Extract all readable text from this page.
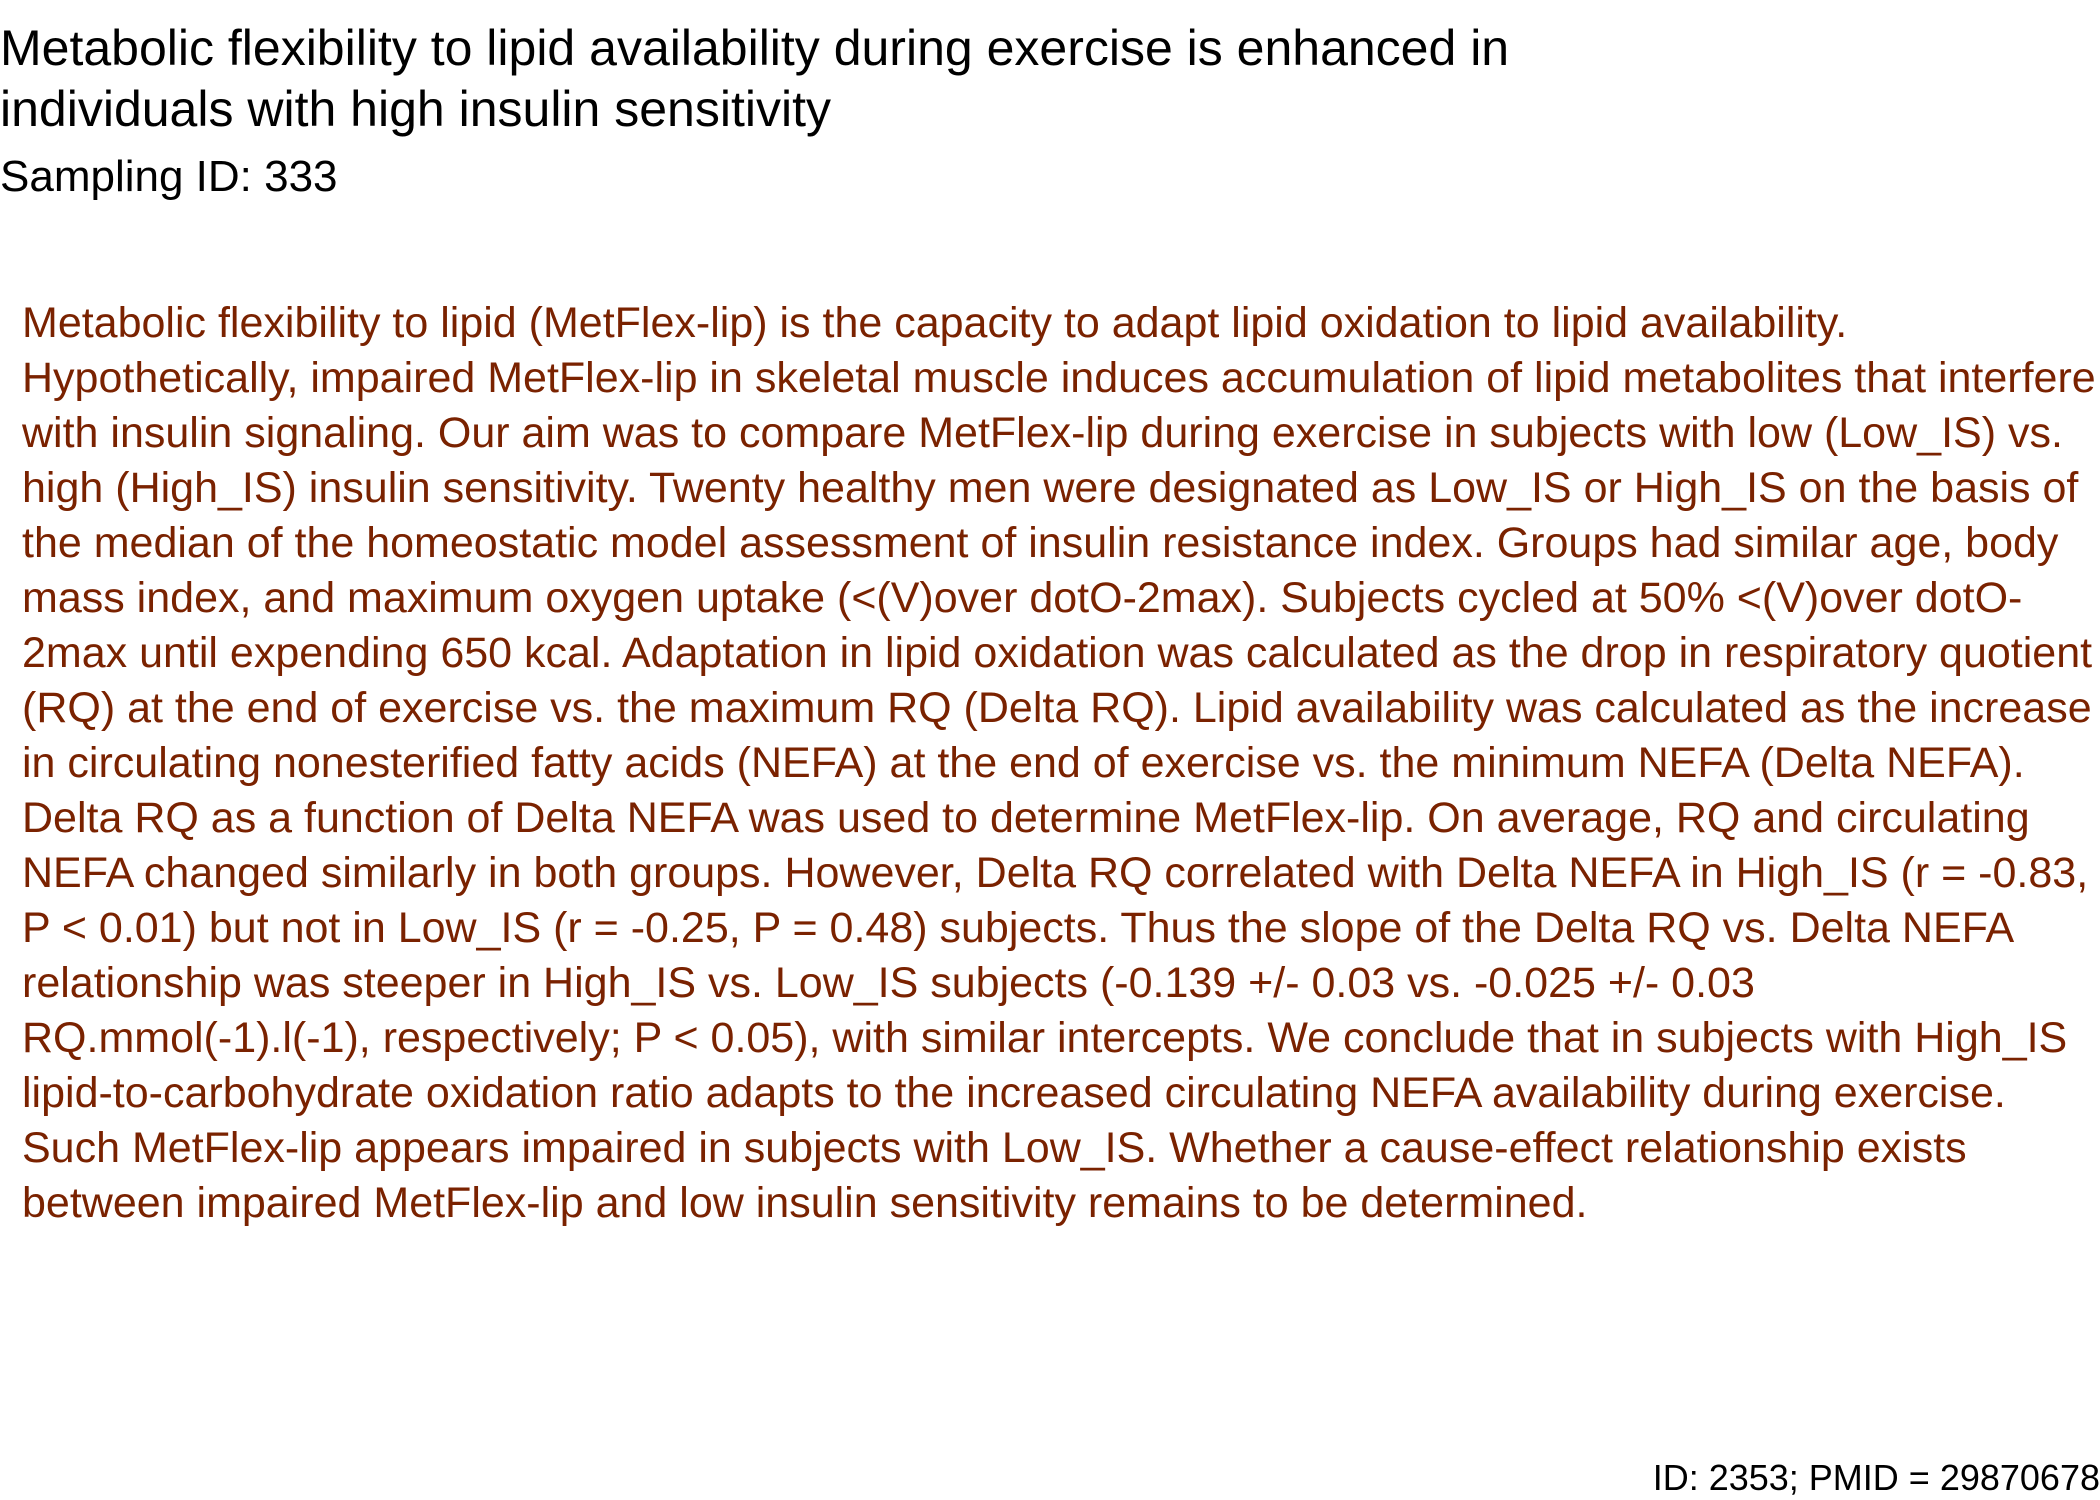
Metabolic flexibility to lipid availability during exercise is enhanced in individuals with high insulin sensitivity

Sampling ID: 333

Metabolic flexibility to lipid (MetFlex-lip) is the capacity to adapt lipid oxidation to lipid availability. Hypothetically, impaired MetFlex-lip in skeletal muscle induces accumulation of lipid metabolites that interfere with insulin signaling. Our aim was to compare MetFlex-lip during exercise in subjects with low (Low_IS) vs. high (High_IS) insulin sensitivity. Twenty healthy men were designated as Low_IS or High_IS on the basis of the median of the homeostatic model assessment of insulin resistance index. Groups had similar age, body mass index, and maximum oxygen uptake (<(V)over dotO-2max). Subjects cycled at 50% <(V)over dotO-2max until expending 650 kcal. Adaptation in lipid oxidation was calculated as the drop in respiratory quotient (RQ) at the end of exercise vs. the maximum RQ (Delta RQ). Lipid availability was calculated as the increase in circulating nonesterified fatty acids (NEFA) at the end of exercise vs. the minimum NEFA (Delta NEFA). Delta RQ as a function of Delta NEFA was used to determine MetFlex-lip. On average, RQ and circulating NEFA changed similarly in both groups. However, Delta RQ correlated with Delta NEFA in High_IS (r = -0.83, P < 0.01) but not in Low_IS (r = -0.25, P = 0.48) subjects. Thus the slope of the Delta RQ vs. Delta NEFA relationship was steeper in High_IS vs. Low_IS subjects (-0.139 +/- 0.03 vs. -0.025 +/- 0.03 RQ.mmol(-1).l(-1), respectively; P < 0.05), with similar intercepts. We conclude that in subjects with High_IS lipid-to-carbohydrate oxidation ratio adapts to the increased circulating NEFA availability during exercise. Such MetFlex-lip appears impaired in subjects with Low_IS. Whether a cause-effect relationship exists between impaired MetFlex-lip and low insulin sensitivity remains to be determined.

ID: 2353; PMID = 29870678
